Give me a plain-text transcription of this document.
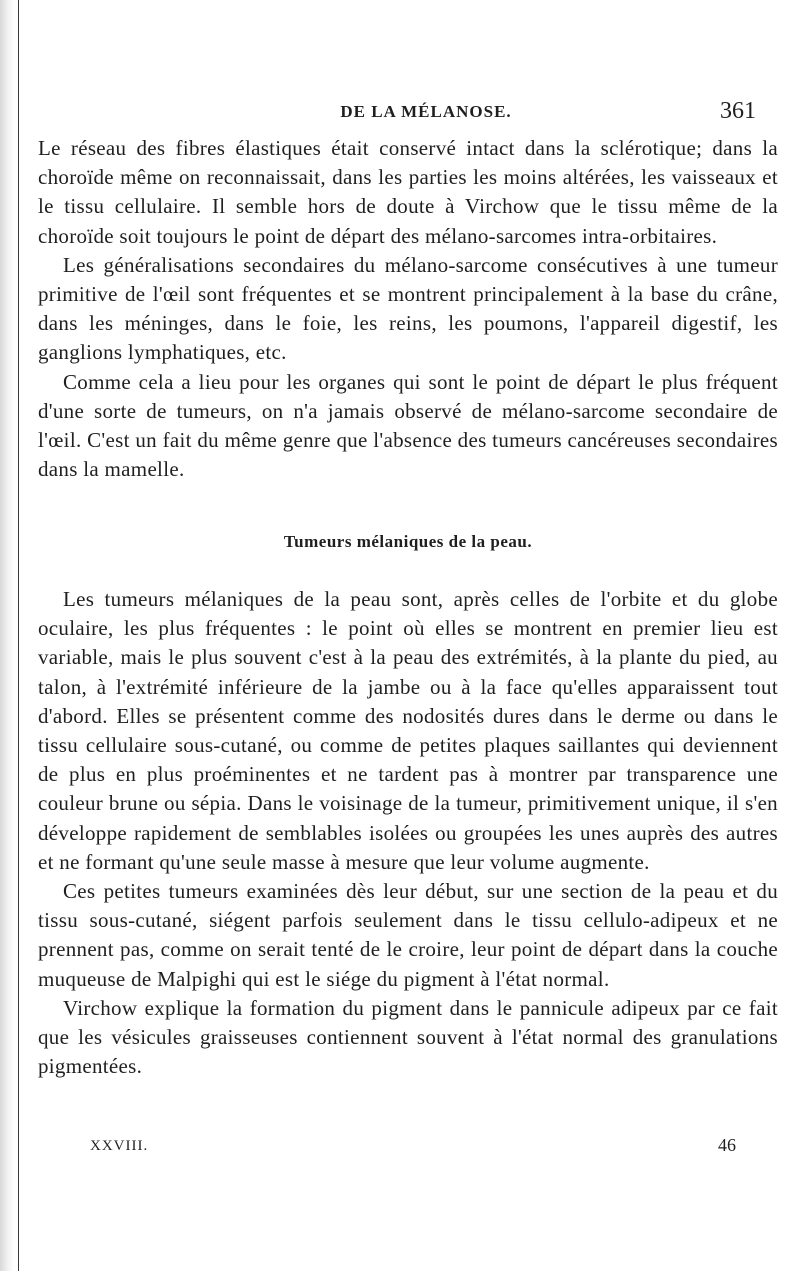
DE LA MÉLANOSE.	361

Le réseau des fibres élastiques était conservé intact dans la sclérotique; dans la choroïde même on reconnaissait, dans les parties les moins altérées, les vaisseaux et le tissu cellulaire. Il semble hors de doute à Virchow que le tissu même de la choroïde soit toujours le point de départ des mélano-sarcomes intra-orbitaires.

Les généralisations secondaires du mélano-sarcome consécutives à une tumeur primitive de l'œil sont fréquentes et se montrent principalement à la base du crâne, dans les méninges, dans le foie, les reins, les poumons, l'appareil digestif, les ganglions lymphatiques, etc.

Comme cela a lieu pour les organes qui sont le point de départ le plus fréquent d'une sorte de tumeurs, on n'a jamais observé de mélano-sarcome secondaire de l'œil. C'est un fait du même genre que l'absence des tumeurs cancéreuses secondaires dans la mamelle.

Tumeurs mélaniques de la peau.

Les tumeurs mélaniques de la peau sont, après celles de l'orbite et du globe oculaire, les plus fréquentes : le point où elles se montrent en premier lieu est variable, mais le plus souvent c'est à la peau des extrémités, à la plante du pied, au talon, à l'extrémité inférieure de la jambe ou à la face qu'elles apparaissent tout d'abord. Elles se présentent comme des nodosités dures dans le derme ou dans le tissu cellulaire sous-cutané, ou comme de petites plaques saillantes qui deviennent de plus en plus proéminentes et ne tardent pas à montrer par transparence une couleur brune ou sépia. Dans le voisinage de la tumeur, primitivement unique, il s'en développe rapidement de semblables isolées ou groupées les unes auprès des autres et ne formant qu'une seule masse à mesure que leur volume augmente.

Ces petites tumeurs examinées dès leur début, sur une section de la peau et du tissu sous-cutané, siégent parfois seulement dans le tissu cellulo-adipeux et ne prennent pas, comme on serait tenté de le croire, leur point de départ dans la couche muqueuse de Malpighi qui est le siége du pigment à l'état normal.

Virchow explique la formation du pigment dans le pannicule adipeux par ce fait que les vésicules graisseuses contiennent souvent à l'état normal des granulations pigmentées.

XXVIII.	46
